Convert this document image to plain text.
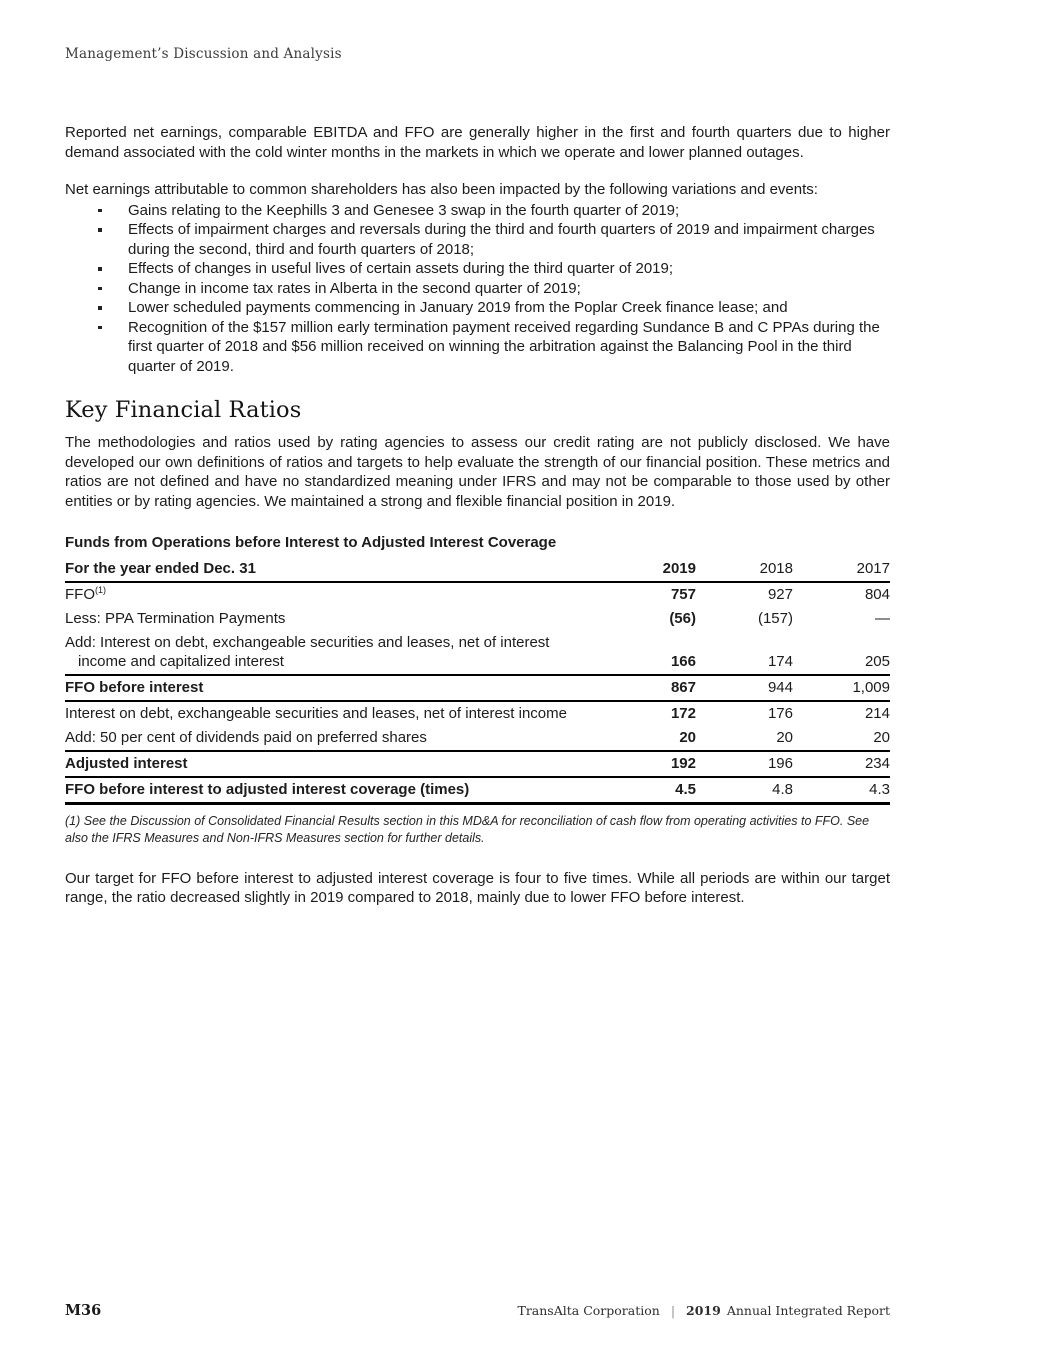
Management’s Discussion and Analysis

Reported net earnings, comparable EBITDA and FFO are generally higher in the first and fourth quarters due to higher demand associated with the cold winter months in the markets in which we operate and lower planned outages.

Net earnings attributable to common shareholders has also been impacted by the following variations and events:

Gains relating to the Keephills 3 and Genesee 3 swap in the fourth quarter of 2019;
Effects of impairment charges and reversals during the third and fourth quarters of 2019 and impairment charges during the second, third and fourth quarters of 2018;
Effects of changes in useful lives of certain assets during the third quarter of 2019;
Change in income tax rates in Alberta in the second quarter of 2019;
Lower scheduled payments commencing in January 2019 from the Poplar Creek finance lease; and
Recognition of the $157 million early termination payment received regarding Sundance B and C PPAs during the first quarter of 2018 and $56 million received on winning the arbitration against the Balancing Pool in the third quarter of 2019.
Key Financial Ratios

The methodologies and ratios used by rating agencies to assess our credit rating are not publicly disclosed. We have developed our own definitions of ratios and targets to help evaluate the strength of our financial position. These metrics and ratios are not defined and have no standardized meaning under IFRS and may not be comparable to those used by other entities or by rating agencies. We maintained a strong and flexible financial position in 2019.

Funds from Operations before Interest to Adjusted Interest Coverage
For the year ended Dec. 31	2019	2018	2017

FFO$^{(1)}$	757	927	804

Less: PPA Termination Payments	(56)	(157)	—

Add: Interest on debt, exchangeable securities and leases, net of interest income and capitalized interest	166	174	205

FFO before interest	867	944	1,009

Interest on debt, exchangeable securities and leases, net of interest income	172	176	214

Add: 50 per cent of dividends paid on preferred shares	20	20	20

Adjusted interest	192	196	234

FFO before interest to adjusted interest coverage (times)	4.5	4.8	4.3
(1) See the Discussion of Consolidated Financial Results section in this MD&A for reconciliation of cash flow from operating activities to FFO. See also the IFRS Measures and Non-IFRS Measures section for further details.

Our target for FFO before interest to adjusted interest coverage is four to five times. While all periods are within our target range, the ratio decreased slightly in 2019 compared to 2018, mainly due to lower FFO before interest.

M36	TransAlta Corporation | 2019 Annual Integrated Report
